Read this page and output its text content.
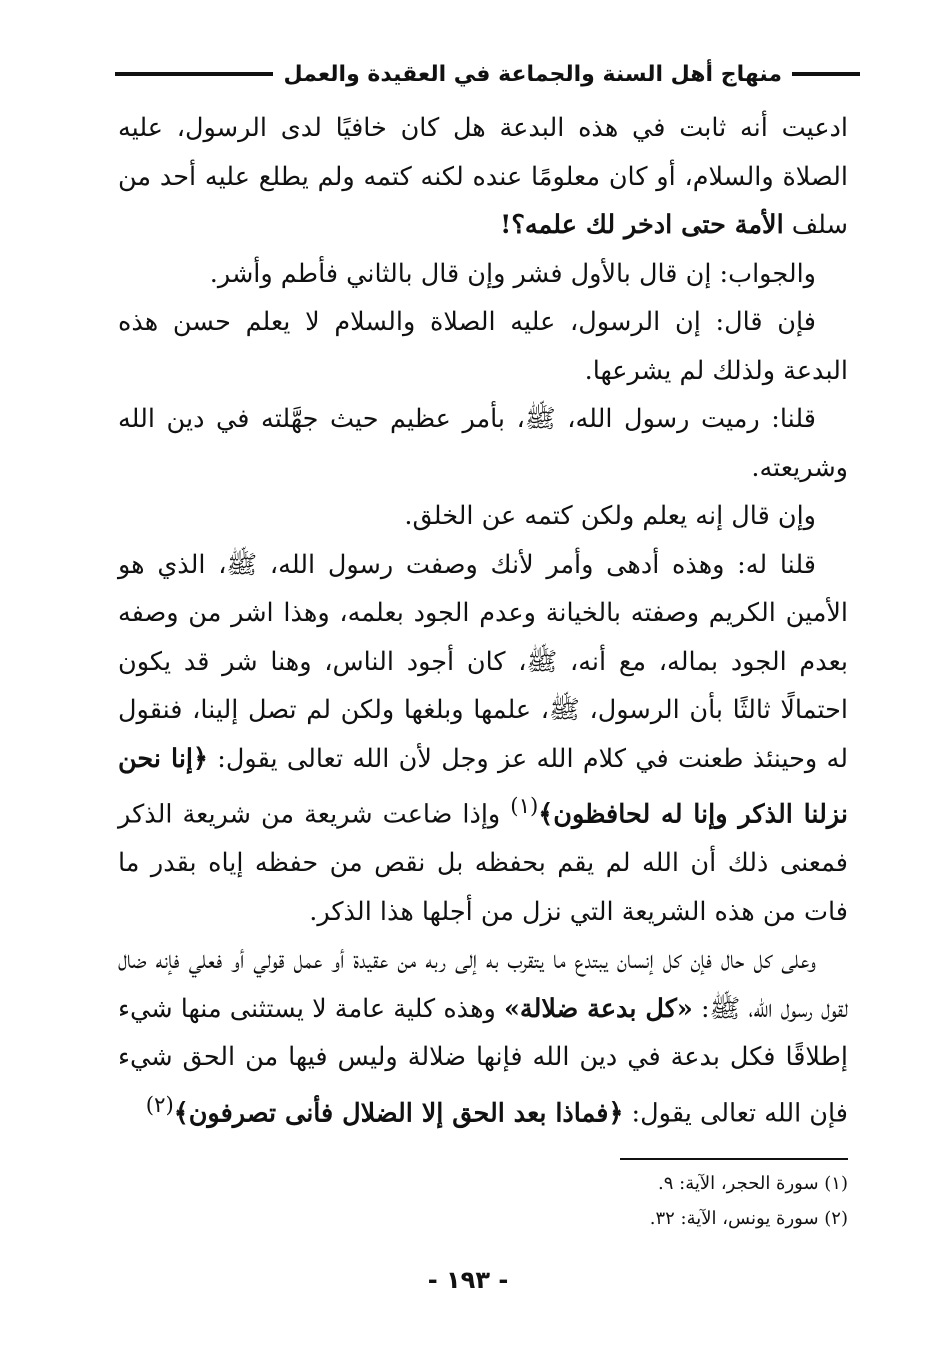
منهاج أهل السنة والجماعة في العقيدة والعمل

ادعيت أنه ثابت في هذه البدعة هل كان خافيًا لدى الرسول، عليه الصلاة والسلام، أو كان معلومًا عنده لكنه كتمه ولم يطلع عليه أحد من سلف الأمة حتى ادخر لك علمه؟!

والجواب: إن قال بالأول فشر وإن قال بالثاني فأطم وأشر.

فإن قال: إن الرسول، عليه الصلاة والسلام لا يعلم حسن هذه البدعة ولذلك لم يشرعها.

قلنا: رميت رسول الله، ﷺ، بأمر عظيم حيث جهَّلته في دين الله وشريعته.

وإن قال إنه يعلم ولكن كتمه عن الخلق.

قلنا له: وهذه أدهى وأمر لأنك وصفت رسول الله، ﷺ، الذي هو الأمين الكريم وصفته بالخيانة وعدم الجود بعلمه، وهذا اشر من وصفه بعدم الجود بماله، مع أنه، ﷺ، كان أجود الناس، وهنا شر قد يكون احتمالًا ثالثًا بأن الرسول، ﷺ، علمها وبلغها ولكن لم تصل إلينا، فنقول له وحينئذ طعنت في كلام الله عز وجل لأن الله تعالى يقول: ﴿إنا نحن نزلنا الذكر وإنا له لحافظون﴾$^{(١)}$ وإذا ضاعت شريعة من شريعة الذكر فمعنى ذلك أن الله لم يقم بحفظه بل نقص من حفظه إياه بقدر ما فات من هذه الشريعة التي نزل من أجلها هذا الذكر.

وعلى كل حال فإن كل إنسان يبتدع ما يتقرب به إلى ربه من عقيدة أو عمل قولي أو فعلي فإنه ضال لقول رسول الله، ﷺ: «كل بدعة ضلالة» وهذه كلية عامة لا يستثنى منها شيء إطلاقًا فكل بدعة في دين الله فإنها ضلالة وليس فيها من الحق شيء فإن الله تعالى يقول: ﴿فماذا بعد الحق إلا الضلال فأنى تصرفون﴾$^{(٢)}$

(١) سورة الحجر، الآية: ٩.

(٢) سورة يونس، الآية: ٣٢.

- ١٩٣ -
